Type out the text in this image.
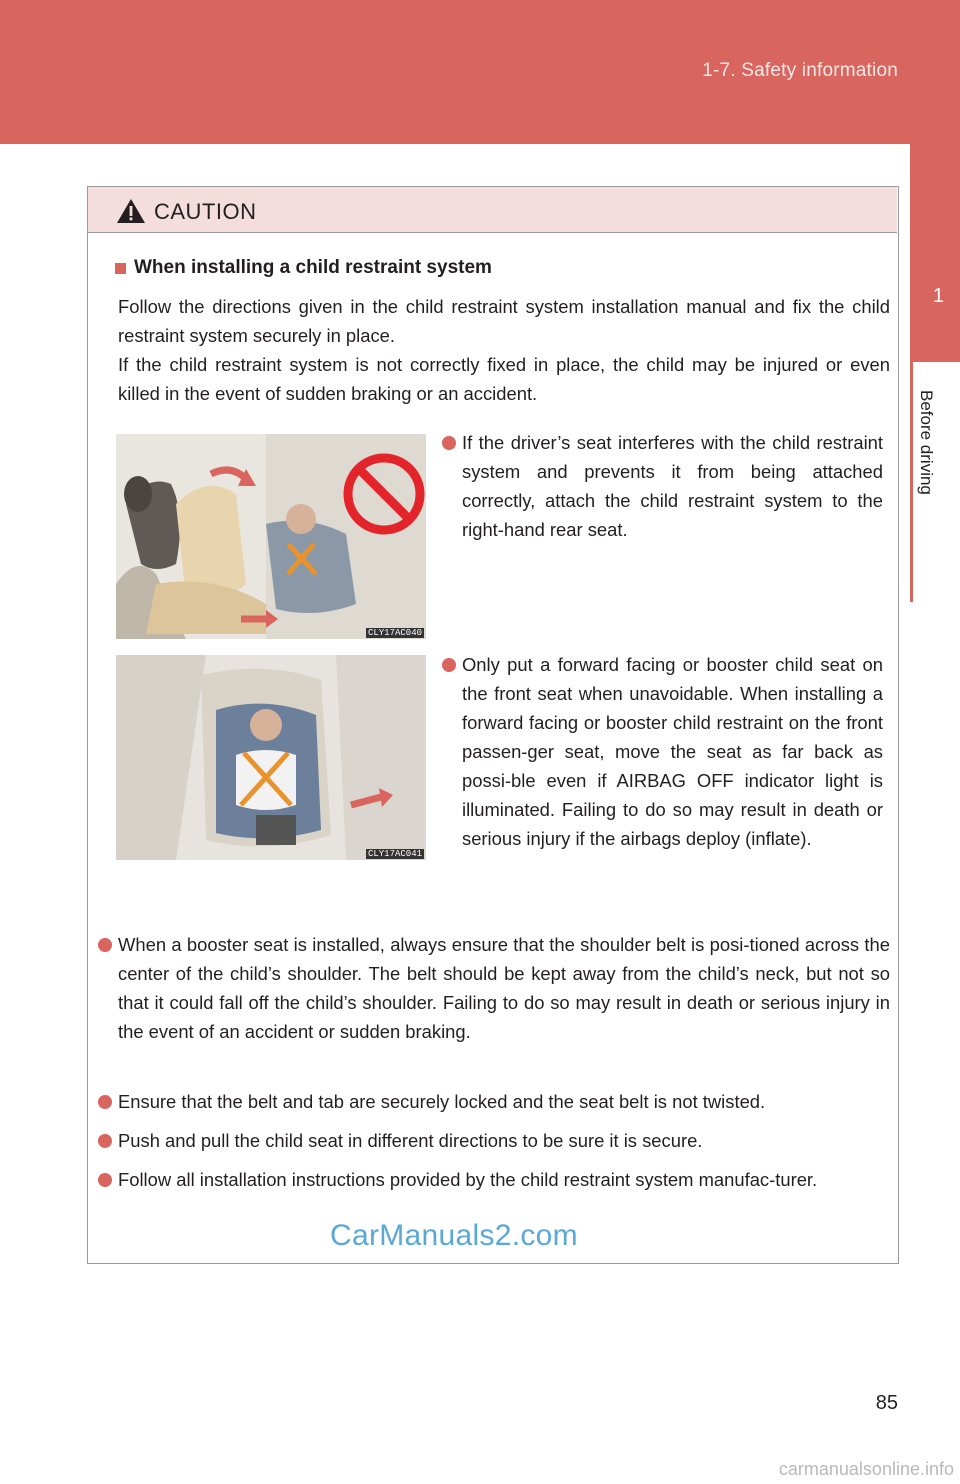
1-7. Safety information
1
Before driving
CAUTION
When installing a child restraint system
Follow the directions given in the child restraint system installation manual and fix the child restraint system securely in place.
If the child restraint system is not correctly fixed in place, the child may be injured or even killed in the event of sudden braking or an accident.
CLY17AC040
If the driver’s seat interferes with the child restraint system and prevents it from being attached correctly, attach the child restraint system to the right-hand rear seat.
CLY17AC041
Only put a forward facing or booster child seat on the front seat when unavoidable. When installing a forward facing or booster child restraint on the front passen-ger seat, move the seat as far back as possi-ble even if AIRBAG OFF indicator light is illuminated. Failing to do so may result in death or serious injury if the airbags deploy (inflate).
When a booster seat is installed, always ensure that the shoulder belt is posi-tioned across the center of the child’s shoulder. The belt should be kept away from the child’s neck, but not so that it could fall off the child’s shoulder. Failing to do so may result in death or serious injury in the event of an accident or sudden braking.
Ensure that the belt and tab are securely locked and the seat belt is not twisted.
Push and pull the child seat in different directions to be sure it is secure.
Follow all installation instructions provided by the child restraint system manufac-turer.
CarManuals2.com
85
carmanualsonline.info
